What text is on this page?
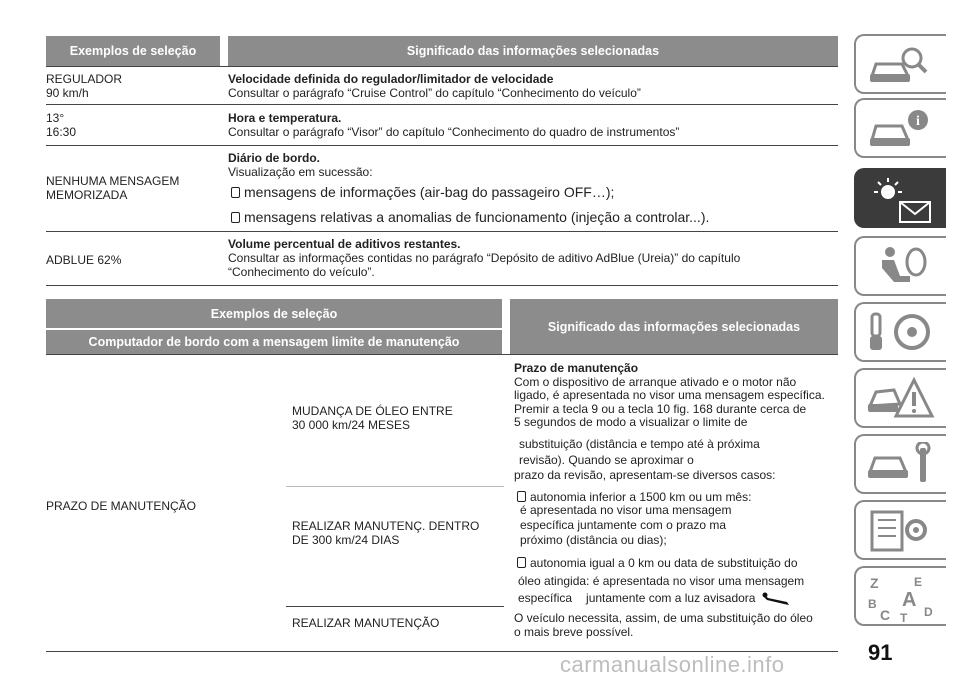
Exemplos de seleção	Significado das informações selecionadas
REGULADOR
90 km/h
Velocidade definida do regulador/limitador de velocidade
Consultar o parágrafo “Cruise Control” do capítulo “Conhecimento do veículo”
13°
16:30
Hora e temperatura.
Consultar o parágrafo “Visor” do capítulo “Conhecimento do quadro de instrumentos”
NENHUMA MENSAGEM
MEMORIZADA
Diário de bordo.
Visualização em sucessão:
mensagens de informações (air-bag do passageiro OFF…);
mensagens relativas a anomalias de funcionamento (injeção a controlar...).
ADBLUE 62%
Volume percentual de aditivos restantes.
Consultar as informações contidas no parágrafo “Depósito de aditivo AdBlue (Ureia)” do capítulo
“Conhecimento do veículo”.
Exemplos de seleção
Computador de bordo com a mensagem limite de manutenção
Significado das informações selecionadas
PRAZO DE MANUTENÇÃO
MUDANÇA DE ÓLEO ENTRE
30 000 km/24 MESES
REALIZAR MANUTENÇ. DENTRO
DE 300 km/24 DIAS
REALIZAR MANUTENÇÃO
Prazo de manutenção
Com o dispositivo de arranque ativado e o motor não
ligado, é apresentada no visor uma mensagem específica.
Premir a tecla 9 ou a tecla 10 fig. 168 durante cerca de
5 segundos de modo a visualizar o limite de
substituição (distância e tempo até à próxima
revisão). Quando se aproximar o
prazo da revisão, apresentam-se diversos casos:
autonomia inferior a 1500 km ou um mês:
é apresentada no visor uma mensagem
específica juntamente com o prazo ma
próximo (distância ou dias);
autonomia igual a 0 km ou data de substituição do
óleo atingida: é apresentada no visor uma mensagem
específica juntamente com a luz avisadora
O veículo necessita, assim, de uma substituição do óleo
o mais breve possível.
91
carmanualsonline.info
i
Z	E
B
C
A
D
T
